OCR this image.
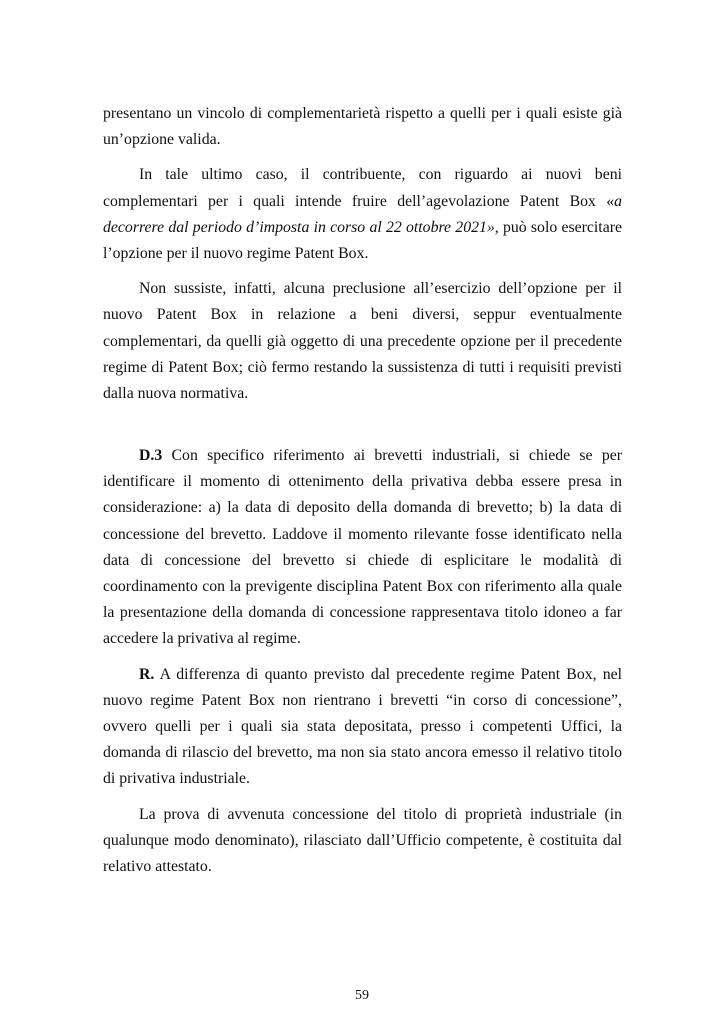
presentano un vincolo di complementarietà rispetto a quelli per i quali esiste già
un’opzione valida.
In tale ultimo caso, il contribuente, con riguardo ai nuovi beni
complementari per i quali intende fruire dell’agevolazione Patent Box «a
decorrere dal periodo d’imposta in corso al 22 ottobre 2021», può solo esercitare
l’opzione per il nuovo regime Patent Box.
Non sussiste, infatti, alcuna preclusione all’esercizio dell’opzione per il
nuovo Patent Box in relazione a beni diversi, seppur eventualmente
complementari, da quelli già oggetto di una precedente opzione per il precedente
regime di Patent Box; ciò fermo restando la sussistenza di tutti i requisiti previsti
dalla nuova normativa.
D.3 Con specifico riferimento ai brevetti industriali, si chiede se per
identificare il momento di ottenimento della privativa debba essere presa in
considerazione: a) la data di deposito della domanda di brevetto; b) la data di
concessione del brevetto. Laddove il momento rilevante fosse identificato nella
data di concessione del brevetto si chiede di esplicitare le modalità di
coordinamento con la previgente disciplina Patent Box con riferimento alla quale
la presentazione della domanda di concessione rappresentava titolo idoneo a far
accedere la privativa al regime.
R. A differenza di quanto previsto dal precedente regime Patent Box, nel
nuovo regime Patent Box non rientrano i brevetti “in corso di concessione”,
ovvero quelli per i quali sia stata depositata, presso i competenti Uffici, la
domanda di rilascio del brevetto, ma non sia stato ancora emesso il relativo titolo
di privativa industriale.
La prova di avvenuta concessione del titolo di proprietà industriale (in
qualunque modo denominato), rilasciato dall’Ufficio competente, è costituita dal
relativo attestato.
59
